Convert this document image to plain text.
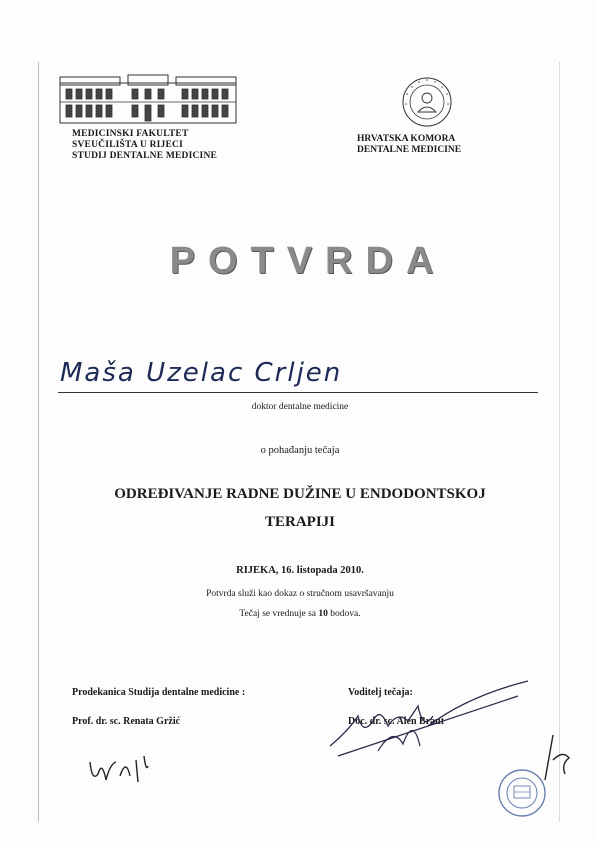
MEDICINSKI FAKULTET
SVEUČILIŠTA U RIJECI
STUDIJ DENTALNE MEDICINE
HRVATSKA KOMORA
DENTALNE MEDICINE
POTVRDA
Maša Uzelac Crljen
doktor dentalne medicine
o pohađanju tečaja
ODREĐIVANJE RADNE DUŽINE U ENDODONTSKOJ
TERAPIJI
RIJEKA, 16. listopada 2010.
Potvrda služi kao dokaz o stručnom usavršavanju
Tečaj se vrednuje sa 10 bodova.
Prodekanica Studija dentalne medicine :
Prof. dr. sc. Renata Gržić
Voditelj tečaja:
Doc. dr. sc. Alen Braut
